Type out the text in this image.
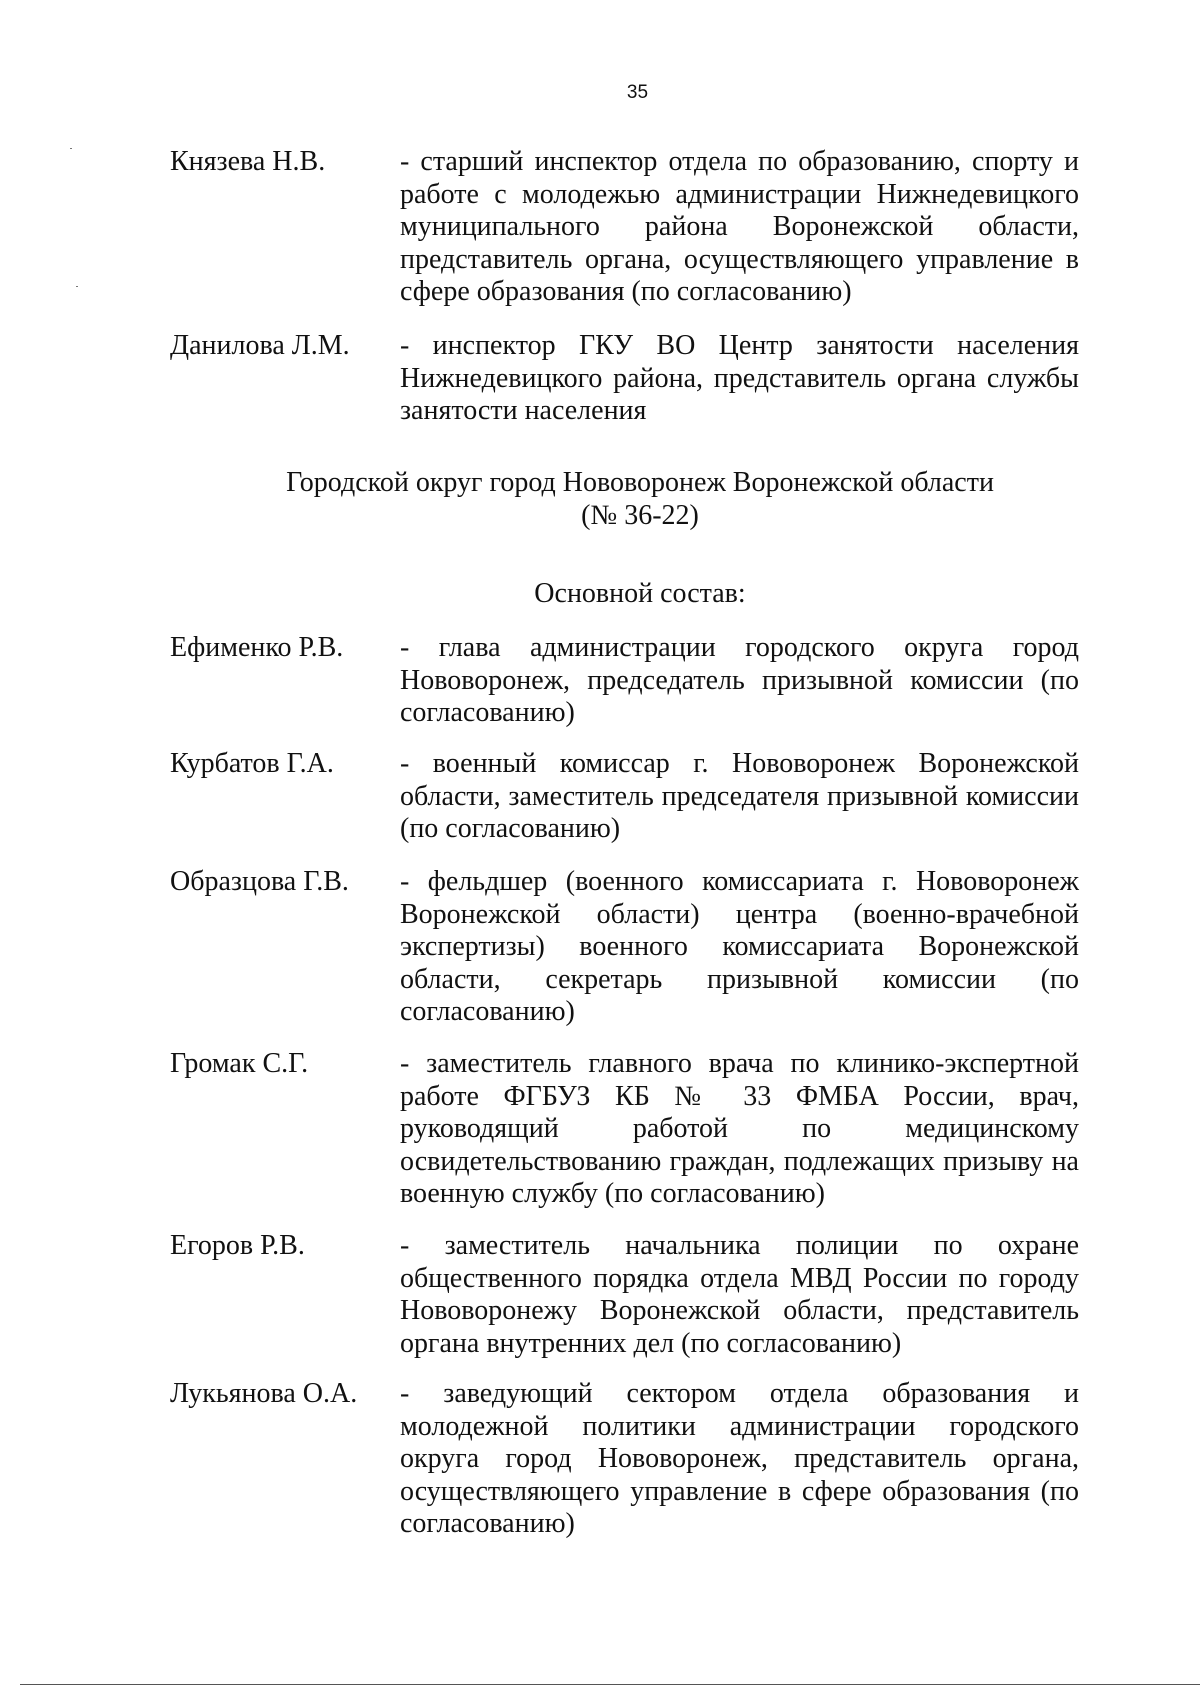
35
Князева Н.В.	- старший инспектор отдела по образованию, спорту и работе с молодежью администрации Нижнедевицкого муниципального района Воронежской области, представитель органа, осуществляющего управление в сфере образования (по согласованию)
Данилова Л.М. - инспектор ГКУ ВО Центр занятости населения Нижнедевицкого района, представитель органа службы занятости населения
Городской округ город Нововоронеж Воронежской области
(№ 36-22)
Основной состав:
Ефименко Р.В. - глава администрации городского округа город Нововоронеж, председатель призывной комиссии (по согласованию)
Курбатов Г.А. - военный комиссар г. Нововоронеж Воронежской области, заместитель председателя призывной комиссии (по согласованию)
Образцова Г.В. - фельдшер (военного комиссариата г. Нововоронеж Воронежской области) центра (военно-врачебной экспертизы) военного комиссариата Воронежской области, секретарь призывной комиссии (по согласованию)
Громак С.Г.	- заместитель главного врача по клинико-экспертной работе ФГБУЗ КБ № 33 ФМБА России, врач, руководящий работой по медицинскому освидетельствованию граждан, подлежащих призыву на военную службу (по согласованию)
Егоров Р.В.	- заместитель начальника полиции по охране общественного порядка отдела МВД России по городу Нововоронежу Воронежской области, представитель органа внутренних дел (по согласованию)
Лукьянова О.А. - заведующий сектором отдела образования и молодежной политики администрации городского округа город Нововоронеж, представитель органа, осуществляющего управление в сфере образования (по согласованию)
